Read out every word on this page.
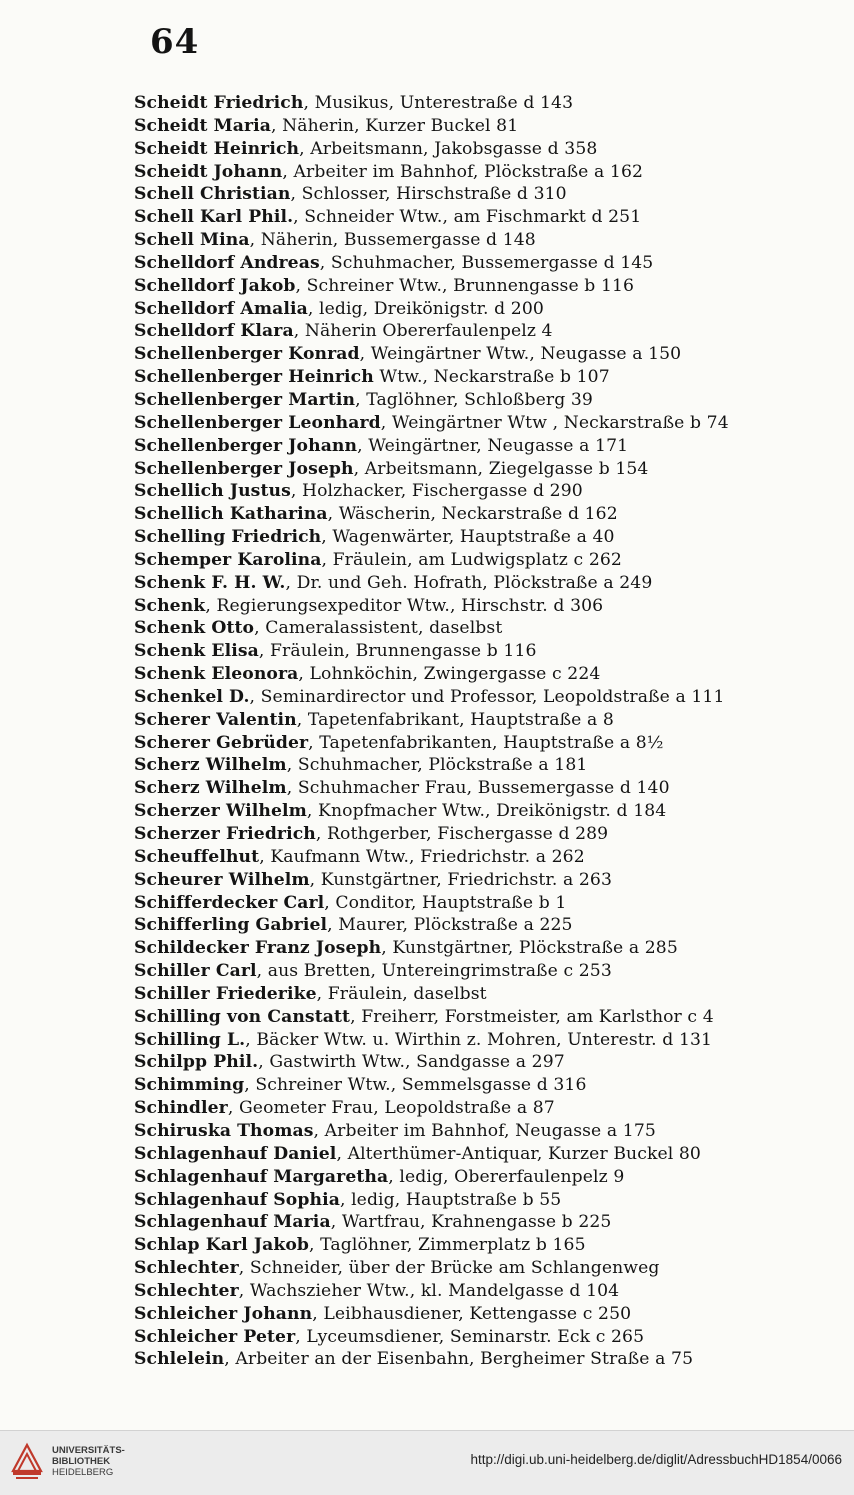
64
Scheidt Friedrich, Musikus, Unterestraße d 143
Scheidt Maria, Näherin, Kurzer Buckel 81
Scheidt Heinrich, Arbeitsmann, Jakobsgasse d 358
Scheidt Johann, Arbeiter im Bahnhof, Plöckstraße a 162
Schell Christian, Schlosser, Hirschstraße d 310
Schell Karl Phil., Schneider Wtw., am Fischmarkt d 251
Schell Mina, Näherin, Bussemergasse d 148
Schelldorf Andreas, Schuhmacher, Bussemergasse d 145
Schelldorf Jakob, Schreiner Wtw., Brunnengasse b 116
Schelldorf Amalia, ledig, Dreikönigstr. d 200
Schelldorf Klara, Näherin Obererfaulenpelz 4
Schellenberger Konrad, Weingärtner Wtw., Neugasse a 150
Schellenberger Heinrich Wtw., Neckarstraße b 107
Schellenberger Martin, Taglöhner, Schloßberg 39
Schellenberger Leonhard, Weingärtner Wtw , Neckarstraße b 74
Schellenberger Johann, Weingärtner, Neugasse a 171
Schellenberger Joseph, Arbeitsmann, Ziegelgasse b 154
Schellich Justus, Holzhacker, Fischergasse d 290
Schellich Katharina, Wäscherin, Neckarstraße d 162
Schelling Friedrich, Wagenwärter, Hauptstraße a 40
Schemper Karolina, Fräulein, am Ludwigsplatz c 262
Schenk F. H. W., Dr. und Geh. Hofrath, Plöckstraße a 249
Schenk, Regierungsexpeditor Wtw., Hirschstr. d 306
Schenk Otto, Cameralassistent, daselbst
Schenk Elisa, Fräulein, Brunnengasse b 116
Schenk Eleonora, Lohnköchin, Zwingergasse c 224
Schenkel D., Seminardirector und Professor, Leopoldstraße a 111
Scherer Valentin, Tapetenfabrikant, Hauptstraße a 8
Scherer Gebrüder, Tapetenfabrikanten, Hauptstraße a 8½
Scherz Wilhelm, Schuhmacher, Plöckstraße a 181
Scherz Wilhelm, Schuhmacher Frau, Bussemergasse d 140
Scherzer Wilhelm, Knopfmacher Wtw., Dreikönigstr. d 184
Scherzer Friedrich, Rothgerber, Fischergasse d 289
Scheuffelhut, Kaufmann Wtw., Friedrichstr. a 262
Scheurer Wilhelm, Kunstgärtner, Friedrichstr. a 263
Schifferdecker Carl, Conditor, Hauptstraße b 1
Schifferling Gabriel, Maurer, Plöckstraße a 225
Schildecker Franz Joseph, Kunstgärtner, Plöckstraße a 285
Schiller Carl, aus Bretten, Untereingrimstraße c 253
Schiller Friederike, Fräulein, daselbst
Schilling von Canstatt, Freiherr, Forstmeister, am Karlsthor c 4
Schilling L., Bäcker Wtw. u. Wirthin z. Mohren, Unterestr. d 131
Schilpp Phil., Gastwirth Wtw., Sandgasse a 297
Schimming, Schreiner Wtw., Semmelsgasse d 316
Schindler, Geometer Frau, Leopoldstraße a 87
Schiruska Thomas, Arbeiter im Bahnhof, Neugasse a 175
Schlagenhauf Daniel, Alterthümer-Antiquar, Kurzer Buckel 80
Schlagenhauf Margaretha, ledig, Obererfaulenpelz 9
Schlagenhauf Sophia, ledig, Hauptstraße b 55
Schlagenhauf Maria, Wartfrau, Krahnengasse b 225
Schlap Karl Jakob, Taglöhner, Zimmerplatz b 165
Schlechter, Schneider, über der Brücke am Schlangenweg
Schlechter, Wachszieher Wtw., kl. Mandelgasse d 104
Schleicher Johann, Leibhausdiener, Kettengasse c 250
Schleicher Peter, Lyceumsdiener, Seminarstr. Eck c 265
Schlelein, Arbeiter an der Eisenbahn, Bergheimer Straße a 75
UNIVERSITÄTS-
BIBLIOTHEK
HEIDELBERG
http://digi.ub.uni-heidelberg.de/diglit/AdressbuchHD1854/0066
